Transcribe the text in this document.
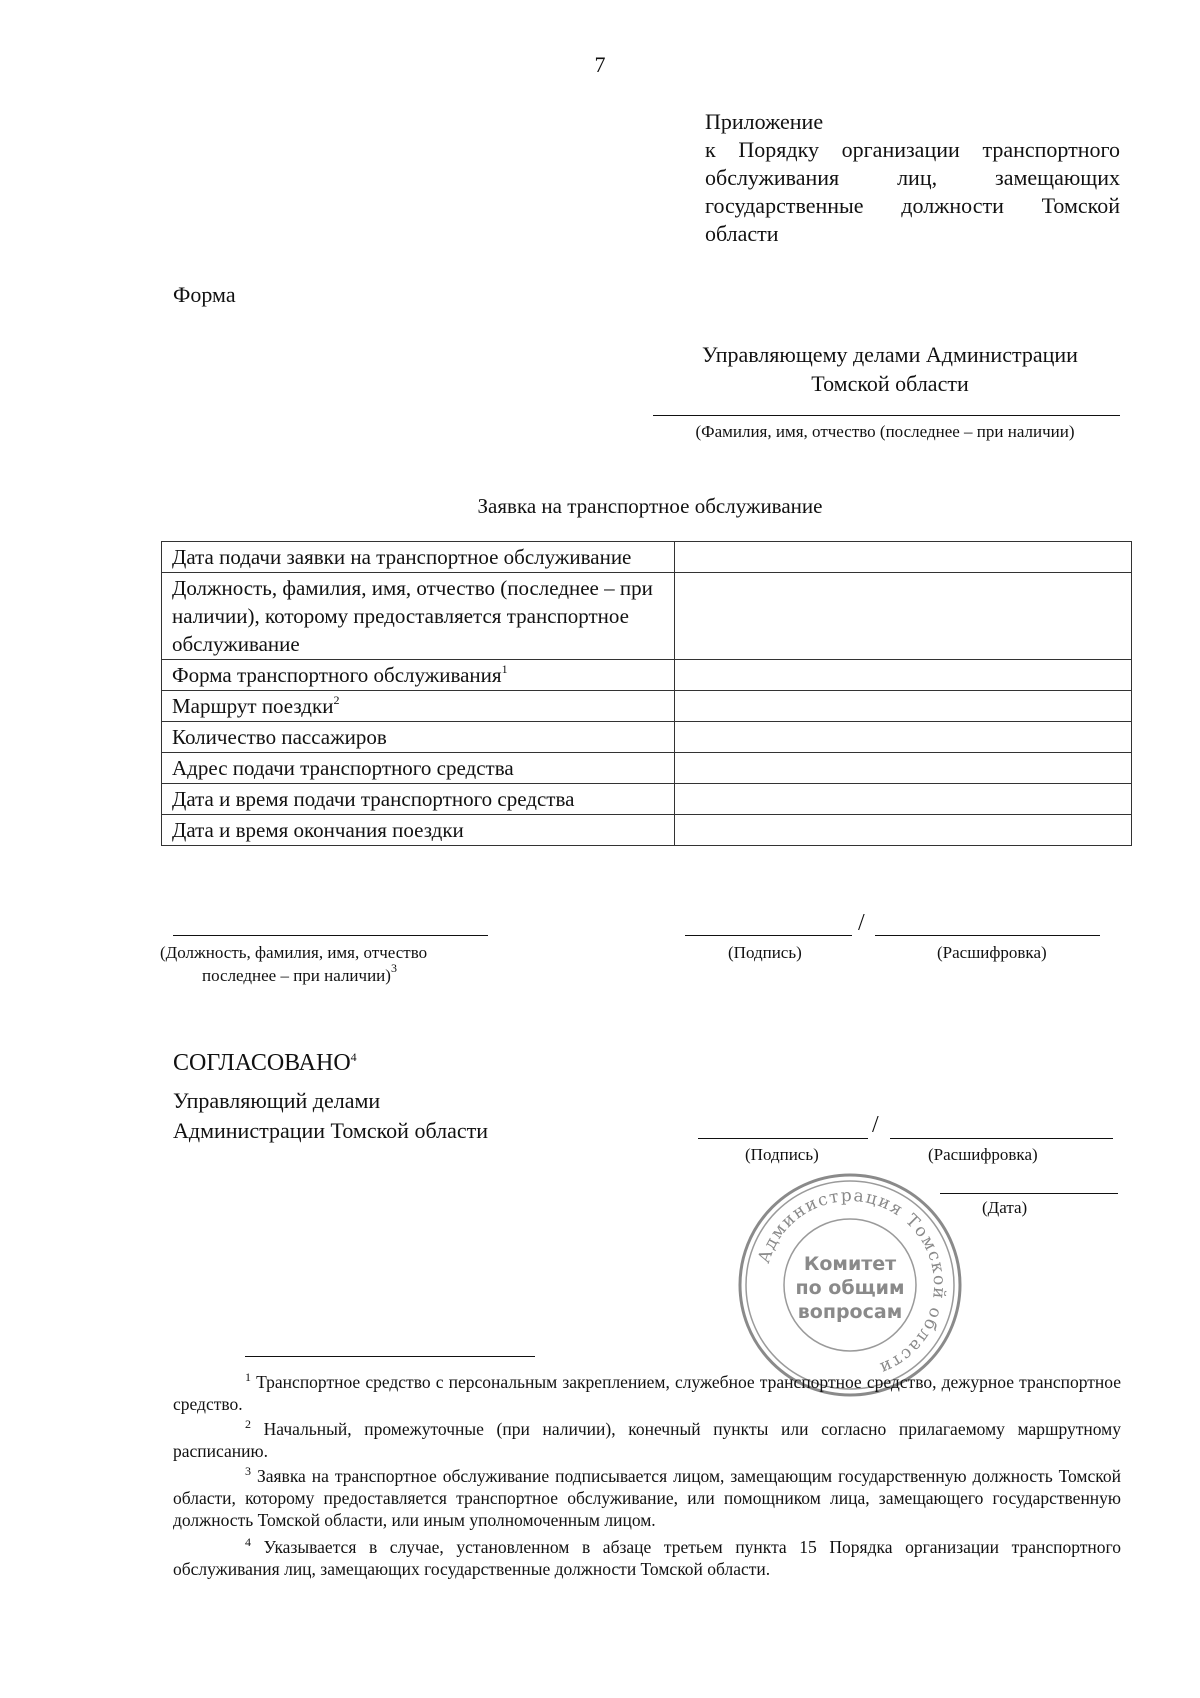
7
Приложение
к Порядку организации транспортного
обслуживания лиц, замещающих
государственные должности Томской
области
Форма
Управляющему делами Администрации
Томской области
(Фамилия, имя, отчество (последнее – при наличии)
Заявка на транспортное обслуживание
Дата подачи заявки на транспортное обслуживание	
Должность, фамилия, имя, отчество (последнее – при наличии), которому предоставляется транспортное обслуживание	
Форма транспортного обслуживания$^1$	
Маршрут поездки$^2$	
Количество пассажиров	
Адрес подачи транспортного средства	
Дата и время подачи транспортного средства	
Дата и время окончания поездки	
(Должность, фамилия, имя, отчество
последнее – при наличии)$^3$
/
(Подпись)	(Расшифровка)
СОГЛАСОВАНО$^4$
Управляющий делами
Администрации Томской области	/
(Подпись)	(Расшифровка)
(Дата)
Администрация Томской области
Комитет
по общим
вопросам
$^1$ Транспортное средство с персональным закреплением, служебное транспортное средство, дежурное транспортное средство.
$^2$ Начальный, промежуточные (при наличии), конечный пункты или согласно прилагаемому маршрутному расписанию.
$^3$ Заявка на транспортное обслуживание подписывается лицом, замещающим государственную должность Томской области, которому предоставляется транспортное обслуживание, или помощником лица, замещающего государственную должность Томской области, или иным уполномоченным лицом.
$^4$ Указывается в случае, установленном в абзаце третьем пункта 15 Порядка организации транспортного обслуживания лиц, замещающих государственные должности Томской области.
